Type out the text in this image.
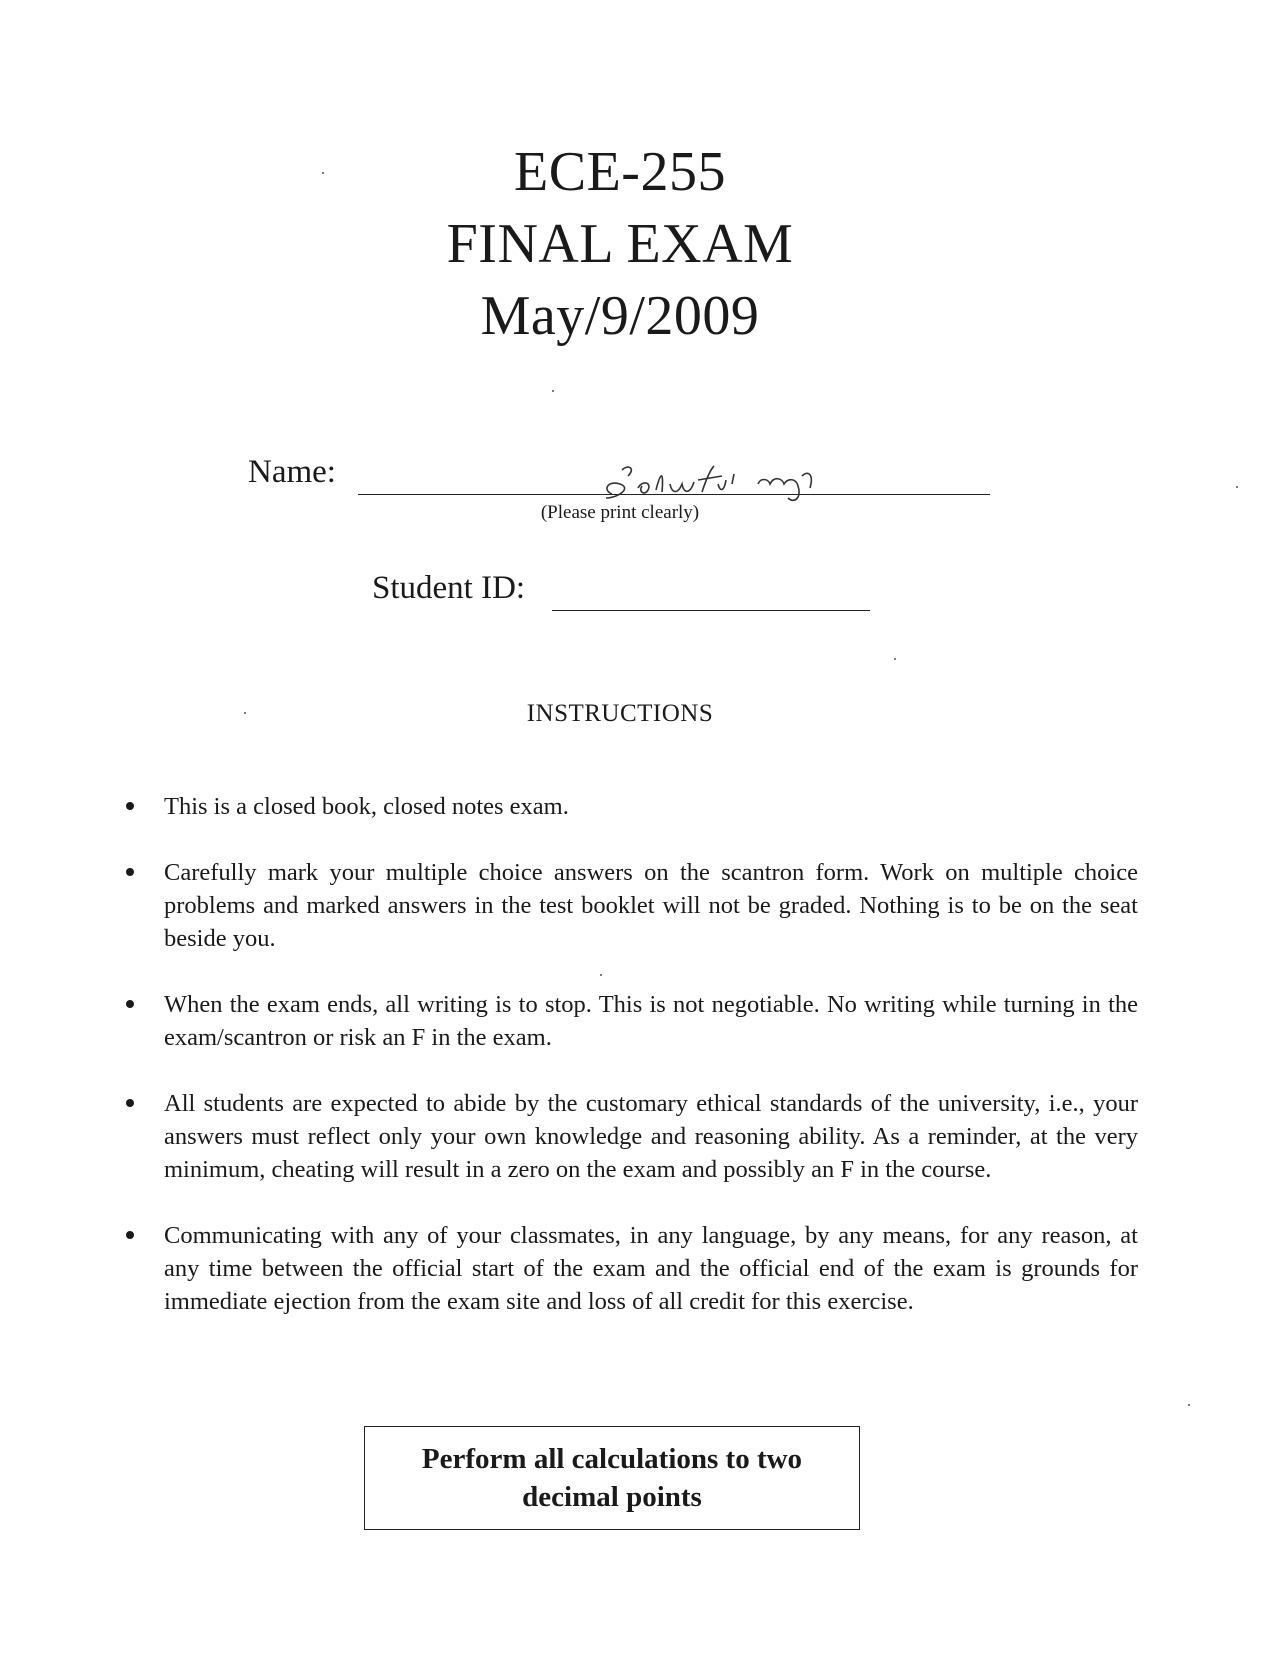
ECE-255
FINAL EXAM
May/9/2009
Name:
(Please print clearly)
Student ID:
INSTRUCTIONS
This is a closed book, closed notes exam.
Carefully mark your multiple choice answers on the scantron form. Work on multiple choice problems and marked answers in the test booklet will not be graded. Nothing is to be on the seat beside you.
When the exam ends, all writing is to stop. This is not negotiable. No writing while turning in the exam/scantron or risk an F in the exam.
All students are expected to abide by the customary ethical standards of the university, i.e., your answers must reflect only your own knowledge and reasoning ability. As a reminder, at the very minimum, cheating will result in a zero on the exam and possibly an F in the course.
Communicating with any of your classmates, in any language, by any means, for any reason, at any time between the official start of the exam and the official end of the exam is grounds for immediate ejection from the exam site and loss of all credit for this exercise.
Perform all calculations to two
decimal points
